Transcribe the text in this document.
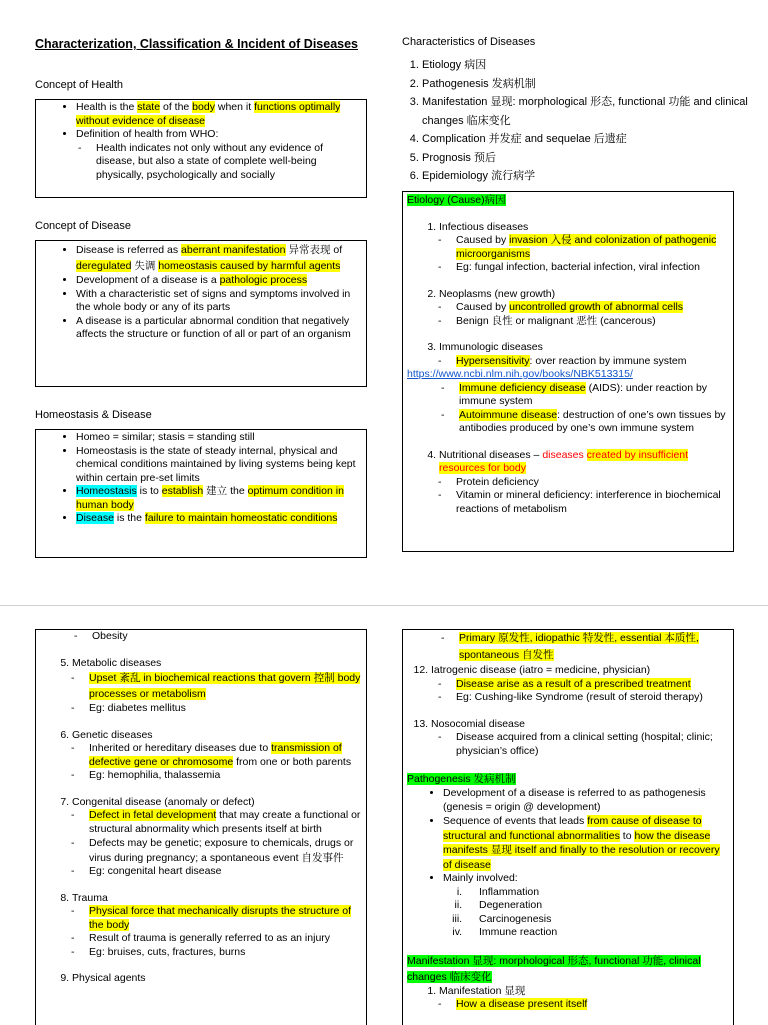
Characterization, Classification & Incident of Diseases
Concept of Health
• Health is the state of the body when it functions optimally without evidence of disease
• Definition of health from WHO:
- Health indicates not only without any evidence of disease, but also a state of complete well-being physically, psychologically and socially
Concept of Disease
• Disease is referred as aberrant manifestation 异常表现 of deregulated 失调 homeostasis caused by harmful agents
• Development of a disease is a pathologic process
• With a characteristic set of signs and symptoms involved in the whole body or any of its parts
• A disease is a particular abnormal condition that negatively affects the structure or function of all or part of an organism
Homeostasis & Disease
• Homeo = similar; stasis = standing still
• Homeostasis is the state of steady internal, physical and chemical conditions maintained by living systems being kept within certain pre-set limits
• Homeostasis is to establish 建立 the optimum condition in human body
• Disease is the failure to maintain homeostatic conditions
Characteristics of Diseases
1. Etiology 病因
2. Pathogenesis 发病机制
3. Manifestation 显现: morphological 形态, functional 功能 and clinical changes 临床变化
4. Complication 并发症 and sequelae 后遗症
5. Prognosis 预后
6. Epidemiology 流行病学
Etiology (Cause)病因
1. Infectious diseases
- Caused by invasion 入侵 and colonization of pathogenic microorganisms
- Eg: fungal infection, bacterial infection, viral infection
2. Neoplasms (new growth)
- Caused by uncontrolled growth of abnormal cells
- Benign 良性 or malignant 恶性 (cancerous)
3. Immunologic diseases
- Hypersensitivity: over reaction by immune system
https://www.ncbi.nlm.nih.gov/books/NBK513315/
- Immune deficiency disease (AIDS): under reaction by immune system
- Autoimmune disease: destruction of one’s own tissues by antibodies produced by one’s own immune system
4. Nutritional diseases – diseases created by insufficient resources for body
- Protein deficiency
- Vitamin or mineral deficiency: interference in biochemical reactions of metabolism
- Obesity
5. Metabolic diseases
- Upset 紊乱 in biochemical reactions that govern 控制 body processes or metabolism
- Eg: diabetes mellitus
6. Genetic diseases
- Inherited or hereditary diseases due to transmission of defective gene or chromosome from one or both parents
- Eg: hemophilia, thalassemia
7. Congenital disease (anomaly or defect)
- Defect in fetal development that may create a functional or structural abnormality which presents itself at birth
- Defects may be genetic; exposure to chemicals, drugs or virus during pregnancy; a spontaneous event 自发事件
- Eg: congenital heart disease
8. Trauma
- Physical force that mechanically disrupts the structure of the body
- Result of trauma is generally referred to as an injury
- Eg: bruises, cuts, fractures, burns
9. Physical agents
- Primary 原发性, idiopathic 特发性, essential 本质性, spontaneous 自发性
12. Iatrogenic disease (iatro = medicine, physician)
- Disease arise as a result of a prescribed treatment
- Eg: Cushing-like Syndrome (result of steroid therapy)
13. Nosocomial disease
- Disease acquired from a clinical setting (hospital; clinic; physician’s office)
Pathogenesis 发病机制
• Development of a disease is referred to as pathogenesis (genesis = origin @ development)
• Sequence of events that leads from cause of disease to structural and functional abnormalities to how the disease manifests 显现 itself and finally to the resolution or recovery of disease
• Mainly involved:
i. Inflammation
ii. Degeneration
iii. Carcinogenesis
iv. Immune reaction
Manifestation 显现: morphological 形态, functional 功能, clinical changes 临床变化
1. Manifestation 显现
- How a disease present itself
